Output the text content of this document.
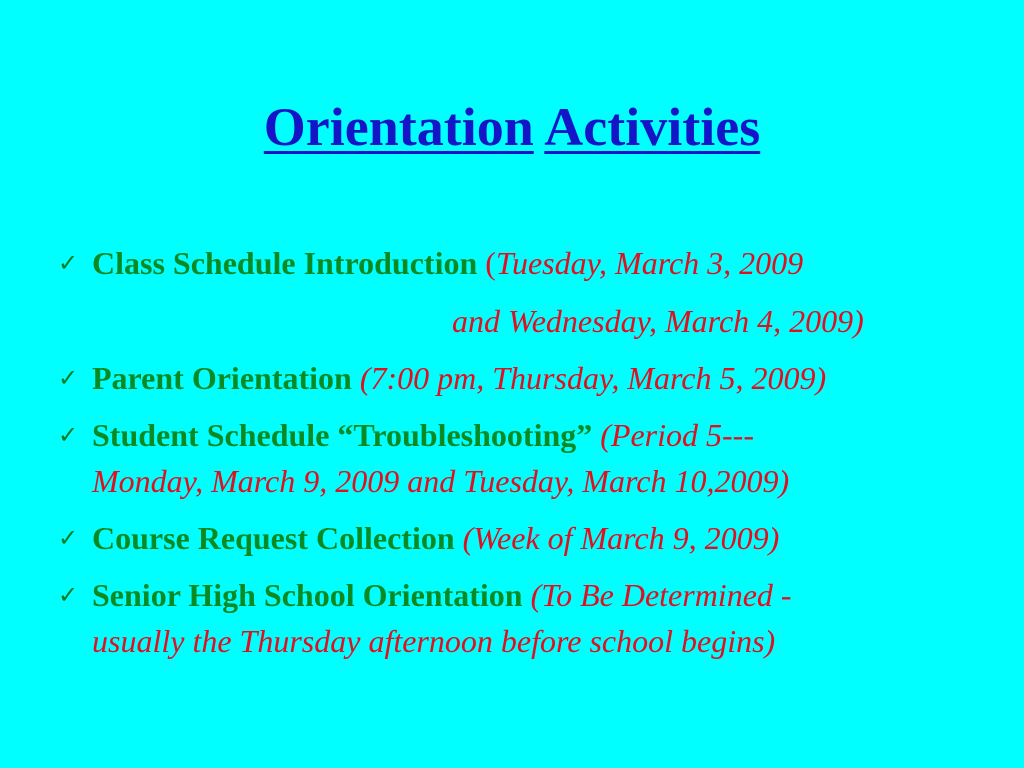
Orientation Activities
✓ Class Schedule Introduction (Tuesday, March 3, 2009
and Wednesday, March 4, 2009)
✓ Parent Orientation (7:00 pm, Thursday, March 5, 2009)
✓ Student Schedule “Troubleshooting” (Period 5---
Monday, March 9, 2009 and Tuesday, March 10,2009)
✓ Course Request Collection (Week of March 9, 2009)
✓ Senior High School Orientation (To Be Determined -
usually the Thursday afternoon before school begins)
